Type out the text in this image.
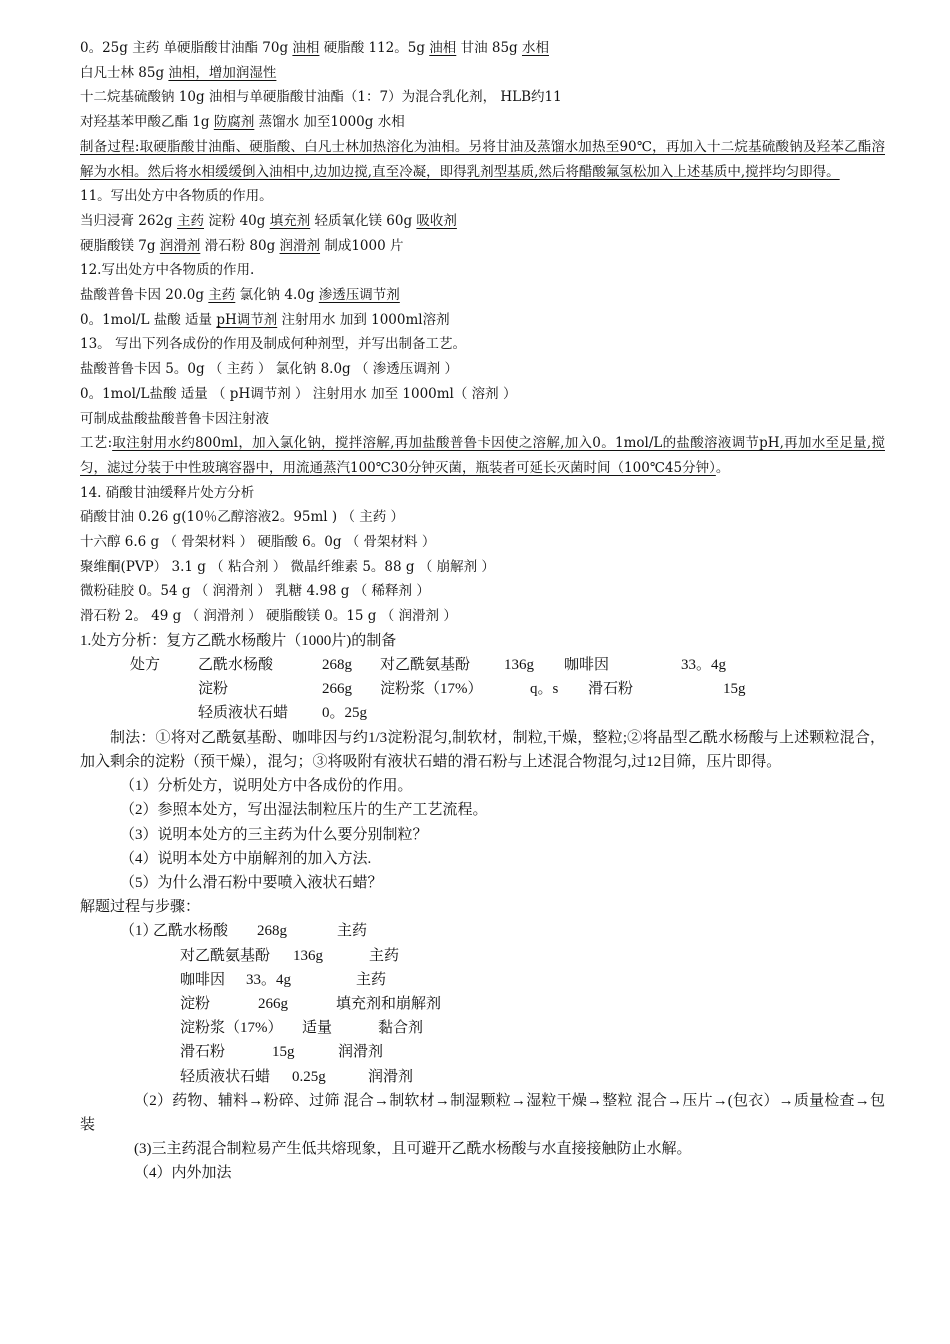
0。25g 主药 单硬脂酸甘油酯 70g 油相 硬脂酸 112。5g 油相 甘油 85g 水相
白凡士林 85g 油相，增加润湿性
十二烷基硫酸钠 10g 油相与单硬脂酸甘油酯（1：7）为混合乳化剂， HLB约11
对羟基苯甲酸乙酯 1g 防腐剂 蒸馏水 加至1000g 水相
制备过程:取硬脂酸甘油酯、硬脂酸、白凡士林加热溶化为油相。另将甘油及蒸馏水加热至90℃，再加入十二烷基硫酸钠及羟苯乙酯溶解为水相。然后将水相缓缓倒入油相中,边加边搅,直至冷凝，即得乳剂型基质,然后将醋酸氟氢松加入上述基质中,搅拌均匀即得。
11。写出处方中各物质的作用。
当归浸膏 262g 主药 淀粉 40g 填充剂 轻质氧化镁 60g 吸收剂
硬脂酸镁 7g 润滑剂 滑石粉 80g 润滑剂 制成1000 片
12.写出处方中各物质的作用.
盐酸普鲁卡因 20.0g 主药 氯化钠 4.0g 渗透压调节剂
0。1mol/L 盐酸 适量 pH调节剂 注射用水 加到 1000ml溶剂
13。 写出下列各成份的作用及制成何种剂型，并写出制备工艺。
盐酸普鲁卡因 5。0g （ 主药 ） 氯化钠 8.0g （ 渗透压调剂 ）
0。1mol/L盐酸 适量 （ pH调节剂 ） 注射用水 加至 1000ml（ 溶剂 ）
可制成盐酸盐酸普鲁卡因注射液
工艺:取注射用水约800ml，加入氯化钠，搅拌溶解,再加盐酸普鲁卡因使之溶解,加入0。1mol/L的盐酸溶液调节pH,再加水至足量,搅匀，滤过分装于中性玻璃容器中，用流通蒸汽100℃30分钟灭菌，瓶装者可延长灭菌时间（100℃45分钟）。
14. 硝酸甘油缓释片处方分析
硝酸甘油 0.26 g(10％乙醇溶液2。95ml ) （ 主药 ）
十六醇 6.6 g （ 骨架材料 ） 硬脂酸 6。0g （ 骨架材料 ）
聚维酮(PVP） 3.1 g （ 粘合剂 ） 微晶纤维素 5。88 g （ 崩解剂 ）
微粉硅胶 0。54 g （ 润滑剂 ） 乳糖 4.98 g （ 稀释剂 ）
滑石粉 2。 49 g （ 润滑剂 ） 硬脂酸镁 0。15 g （ 润滑剂 ）
1.处方分析：复方乙酰水杨酸片（1000片)的制备
处方	乙酰水杨酸	268g 对乙酰氨基酚 136g 咖啡因	33。4g
淀粉	266g 淀粉浆（17%）	q。s 滑石粉	15g
轻质液状石蜡 0。25g
制法：①将对乙酰氨基酚、咖啡因与约1/3淀粉混匀,制软材，制粒,干燥，整粒;②将晶型乙酰水杨酸与上述颗粒混合，加入剩余的淀粉（预干燥），混匀；③将吸附有液状石蜡的滑石粉与上述混合物混匀,过12目筛，压片即得。
（1）分析处方，说明处方中各成份的作用。
（2）参照本处方，写出湿法制粒压片的生产工艺流程。
（3）说明本处方的三主药为什么要分别制粒？
（4）说明本处方中崩解剂的加入方法.
（5）为什么滑石粉中要喷入液状石蜡？
解题过程与步骤：
（1）乙酰水杨酸 268g	主药
对乙酰氨基酚 136g	主药
咖啡因 33。4g	主药
淀粉	266g	填充剂和崩解剂
淀粉浆（17%） 适量	黏合剂
滑石粉	15g	润滑剂
轻质液状石蜡 0.25g	润滑剂
（2）药物、辅料→粉碎、过筛 混合→制软材→制湿颗粒→湿粒干燥→整粒 混合→压片→(包衣）→质量检查→包装
(3)三主药混合制粒易产生低共熔现象，且可避开乙酰水杨酸与水直接接触防止水解。
（4）内外加法
